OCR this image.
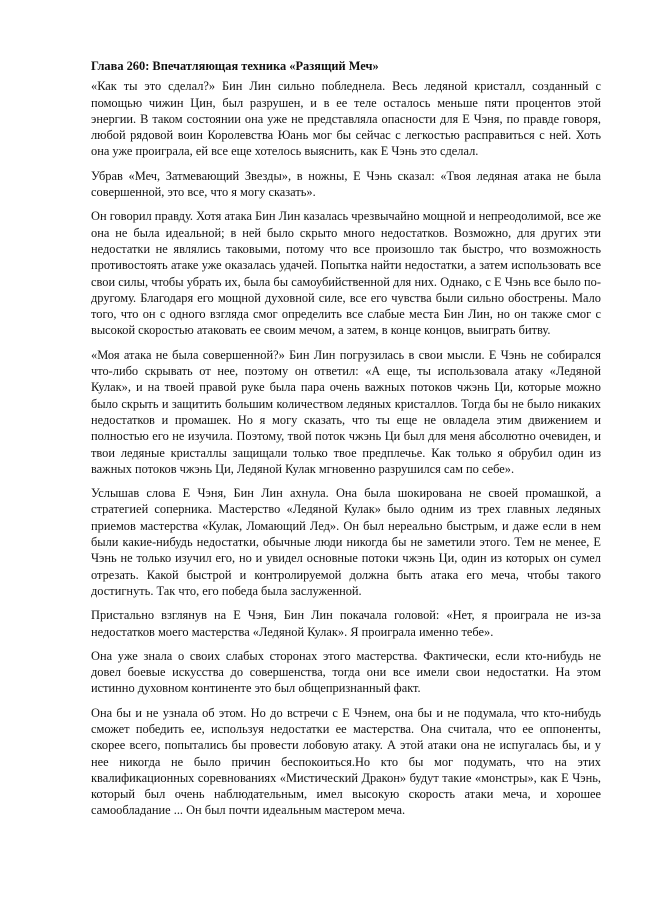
Глава 260: Впечатляющая техника «Разящий Меч»

«Как ты это сделал?» Бин Лин сильно побледнела. Весь ледяной кристалл, созданный с помощью чижин Цин, был разрушен, и в ее теле осталось меньше пяти процентов этой энергии. В таком состоянии она уже не представляла опасности для Е Чэня, по правде говоря, любой рядовой воин Королевства Юань мог бы сейчас с легкостью расправиться с ней. Хоть она уже проиграла, ей все еще хотелось выяснить, как Е Чэнь это сделал.

Убрав «Меч, Затмевающий Звезды», в ножны, Е Чэнь сказал: «Твоя ледяная атака не была совершенной, это все, что я могу сказать».

Он говорил правду. Хотя атака Бин Лин казалась чрезвычайно мощной и непреодолимой, все же она не была идеальной; в ней было скрыто много недостатков. Возможно, для других эти недостатки не являлись таковыми, потому что все произошло так быстро, что возможность противостоять атаке уже оказалась удачей. Попытка найти недостатки, а затем использовать все свои силы, чтобы убрать их, была бы самоубийственной для них. Однако, с Е Чэнь все было по-другому. Благодаря его мощной духовной силе, все его чувства были сильно обострены. Мало того, что он с одного взгляда смог определить все слабые места Бин Лин, но он также смог с высокой скоростью атаковать ее своим мечом, а затем, в конце концов, выиграть битву.

«Моя атака не была совершенной?» Бин Лин погрузилась в свои мысли. Е Чэнь не собирался что-либо скрывать от нее, поэтому он ответил: «А еще, ты использовала атаку «Ледяной Кулак», и на твоей правой руке была пара очень важных потоков чжэнь Ци, которые можно было скрыть и защитить большим количеством ледяных кристаллов. Тогда бы не было никаких недостатков и промашек. Но я могу сказать, что ты еще не овладела этим движением и полностью его не изучила. Поэтому, твой поток чжэнь Ци был для меня абсолютно очевиден, и твои ледяные кристаллы защищали только твое предплечье. Как только я обрубил один из важных потоков чжэнь Ци, Ледяной Кулак мгновенно разрушился сам по себе».

Услышав слова Е Чэня, Бин Лин ахнула. Она была шокирована не своей промашкой, а стратегией соперника. Мастерство «Ледяной Кулак» было одним из трех главных ледяных приемов мастерства «Кулак, Ломающий Лед». Он был нереально быстрым, и даже если в нем были какие-нибудь недостатки, обычные люди никогда бы не заметили этого. Тем не менее, Е Чэнь не только изучил его, но и увидел основные потоки чжэнь Ци, один из которых он сумел отрезать. Какой быстрой и контролируемой должна быть атака его меча, чтобы такого достигнуть. Так что, его победа была заслуженной.

Пристально взглянув на Е Чэня, Бин Лин покачала головой: «Нет, я проиграла не из-за недостатков моего мастерства «Ледяной Кулак». Я проиграла именно тебе».

Она уже знала о своих слабых сторонах этого мастерства. Фактически, если кто-нибудь не довел боевые искусства до совершенства, тогда они все имели свои недостатки. На этом истинно духовном континенте это был общепризнанный факт.

Она бы и не узнала об этом. Но до встречи с Е Чэнем, она бы и не подумала, что кто-нибудь сможет победить ее, используя недостатки ее мастерства. Она считала, что ее оппоненты, скорее всего, попытались бы провести лобовую атаку. А этой атаки она не испугалась бы, и у нее никогда не было причин беспокоиться.Но кто бы мог подумать, что на этих квалификационных соревнованиях «Мистический Дракон» будут такие «монстры», как Е Чэнь, который был очень наблюдательным, имел высокую скорость атаки меча, и хорошее самообладание ... Он был почти идеальным мастером меча.
